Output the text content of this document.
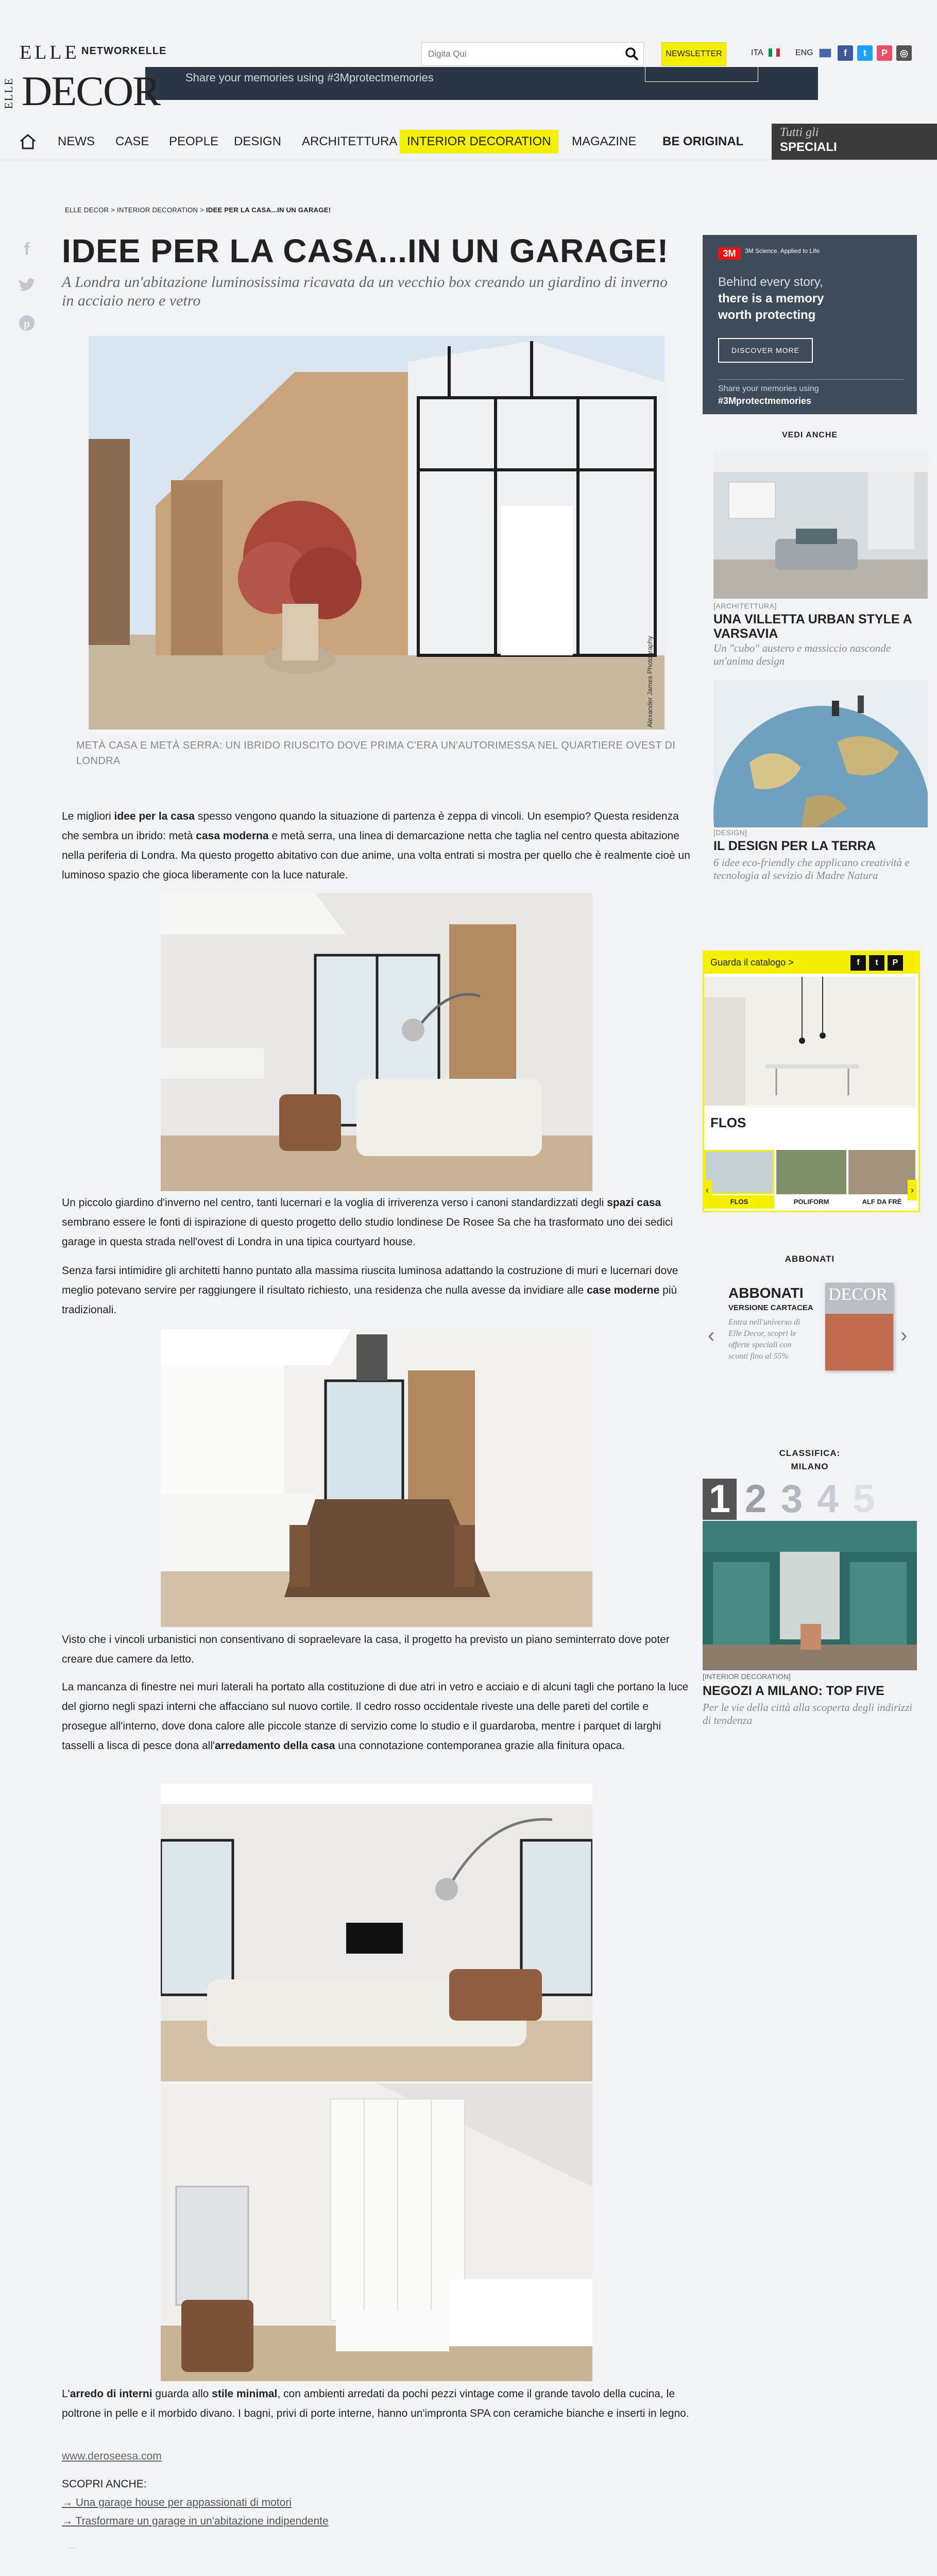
ELLE NETWORKELLE
Digita Qui	NEWSLETTER	ITA	ENG	f	t	P	◎
Share your memories using #3Mprotectmemories
ELLE DECOR
NEWS	CASE	PEOPLE	DESIGN	ARCHITETTURA INTERIOR DECORATION	MAGAZINE	BE ORIGINAL
Tutti gli
SPECIALI
ELLE DECOR > INTERIOR DECORATION > IDEE PER LA CASA...IN UN GARAGE!
f
p
IDEE PER LA CASA...IN UN GARAGE!
A Londra un'abitazione luminosissima ricavata da un vecchio box creando un giardino di inverno in acciaio nero e vetro
Alexander James Photography
METÀ CASA E METÀ SERRA: UN IBRIDO RIUSCITO DOVE PRIMA C'ERA UN'AUTORIMESSA NEL QUARTIERE OVEST DI LONDRA
Le migliori idee per la casa spesso vengono quando la situazione di partenza è zeppa di vincoli. Un esempio? Questa residenza che sembra un ibrido: metà casa moderna e metà serra, una linea di demarcazione netta che taglia nel centro questa abitazione nella periferia di Londra. Ma questo progetto abitativo con due anime, una volta entrati si mostra per quello che è realmente cioè un luminoso spazio che gioca liberamente con la luce naturale.
Un piccolo giardino d'inverno nel centro, tanti lucernari e la voglia di irriverenza verso i canoni standardizzati degli spazi casa sembrano essere le fonti di ispirazione di questo progetto dello studio londinese De Rosee Sa che ha trasformato uno dei sedici garage in questa strada nell'ovest di Londra in una tipica courtyard house.
Senza farsi intimidire gli architetti hanno puntato alla massima riuscita luminosa adattando la costruzione di muri e lucernari dove meglio potevano servire per raggiungere il risultato richiesto, una residenza che nulla avesse da invidiare alle case moderne più tradizionali.
Visto che i vincoli urbanistici non consentivano di sopraelevare la casa, il progetto ha previsto un piano seminterrato dove poter creare due camere da letto.
La mancanza di finestre nei muri laterali ha portato alla costituzione di due atri in vetro e acciaio e di alcuni tagli che portano la luce del giorno negli spazi interni che affacciano sul nuovo cortile. Il cedro rosso occidentale riveste una delle pareti del cortile e prosegue all'interno, dove dona calore alle piccole stanze di servizio come lo studio e il guardaroba, mentre i parquet di larghi tasselli a lisca di pesce dona all'arredamento della casa una connotazione contemporanea grazie alla finitura opaca.
L'arredo di interni guarda allo stile minimal, con ambienti arredati da pochi pezzi vintage come il grande tavolo della cucina, le poltrone in pelle e il morbido divano. I bagni, privi di porte interne, hanno un'impronta SPA con ceramiche bianche e inserti in legno.
www.deroseesa.com
SCOPRI ANCHE:
→ Una garage house per appassionati di motori
→ Trasformare un garage in un'abitazione indipendente
—
3M	3M Science. Applied to Life.
Behind every story,
there is a memory
worth protecting
DISCOVER MORE
Share your memories using
#3Mprotectmemories
VEDI ANCHE
[ARCHITETTURA]
UNA VILLETTA URBAN STYLE A VARSAVIA
Un "cubo" austero e massiccio nasconde un'anima design
[DESIGN]
IL DESIGN PER LA TERRA
6 idee eco-friendly che applicano creatività e tecnologia al sevizio di Madre Natura
Guarda il catalogo >	f	t	P
FLOS
FLOS	POLIFORM	ALF DA FRÈ
‹	›
ABBONATI
‹	›
ABBONATI
VERSIONE CARTACEA
Entra nell'universo di Elle Decor, scopri le offerte speciali con sconti fino al 55%
DECOR
CLASSIFICA:
MILANO
1 2 3 4 5
[INTERIOR DECORATION]
NEGOZI A MILANO: TOP FIVE
Per le vie della città alla scoperta degli indirizzi di tendenza
